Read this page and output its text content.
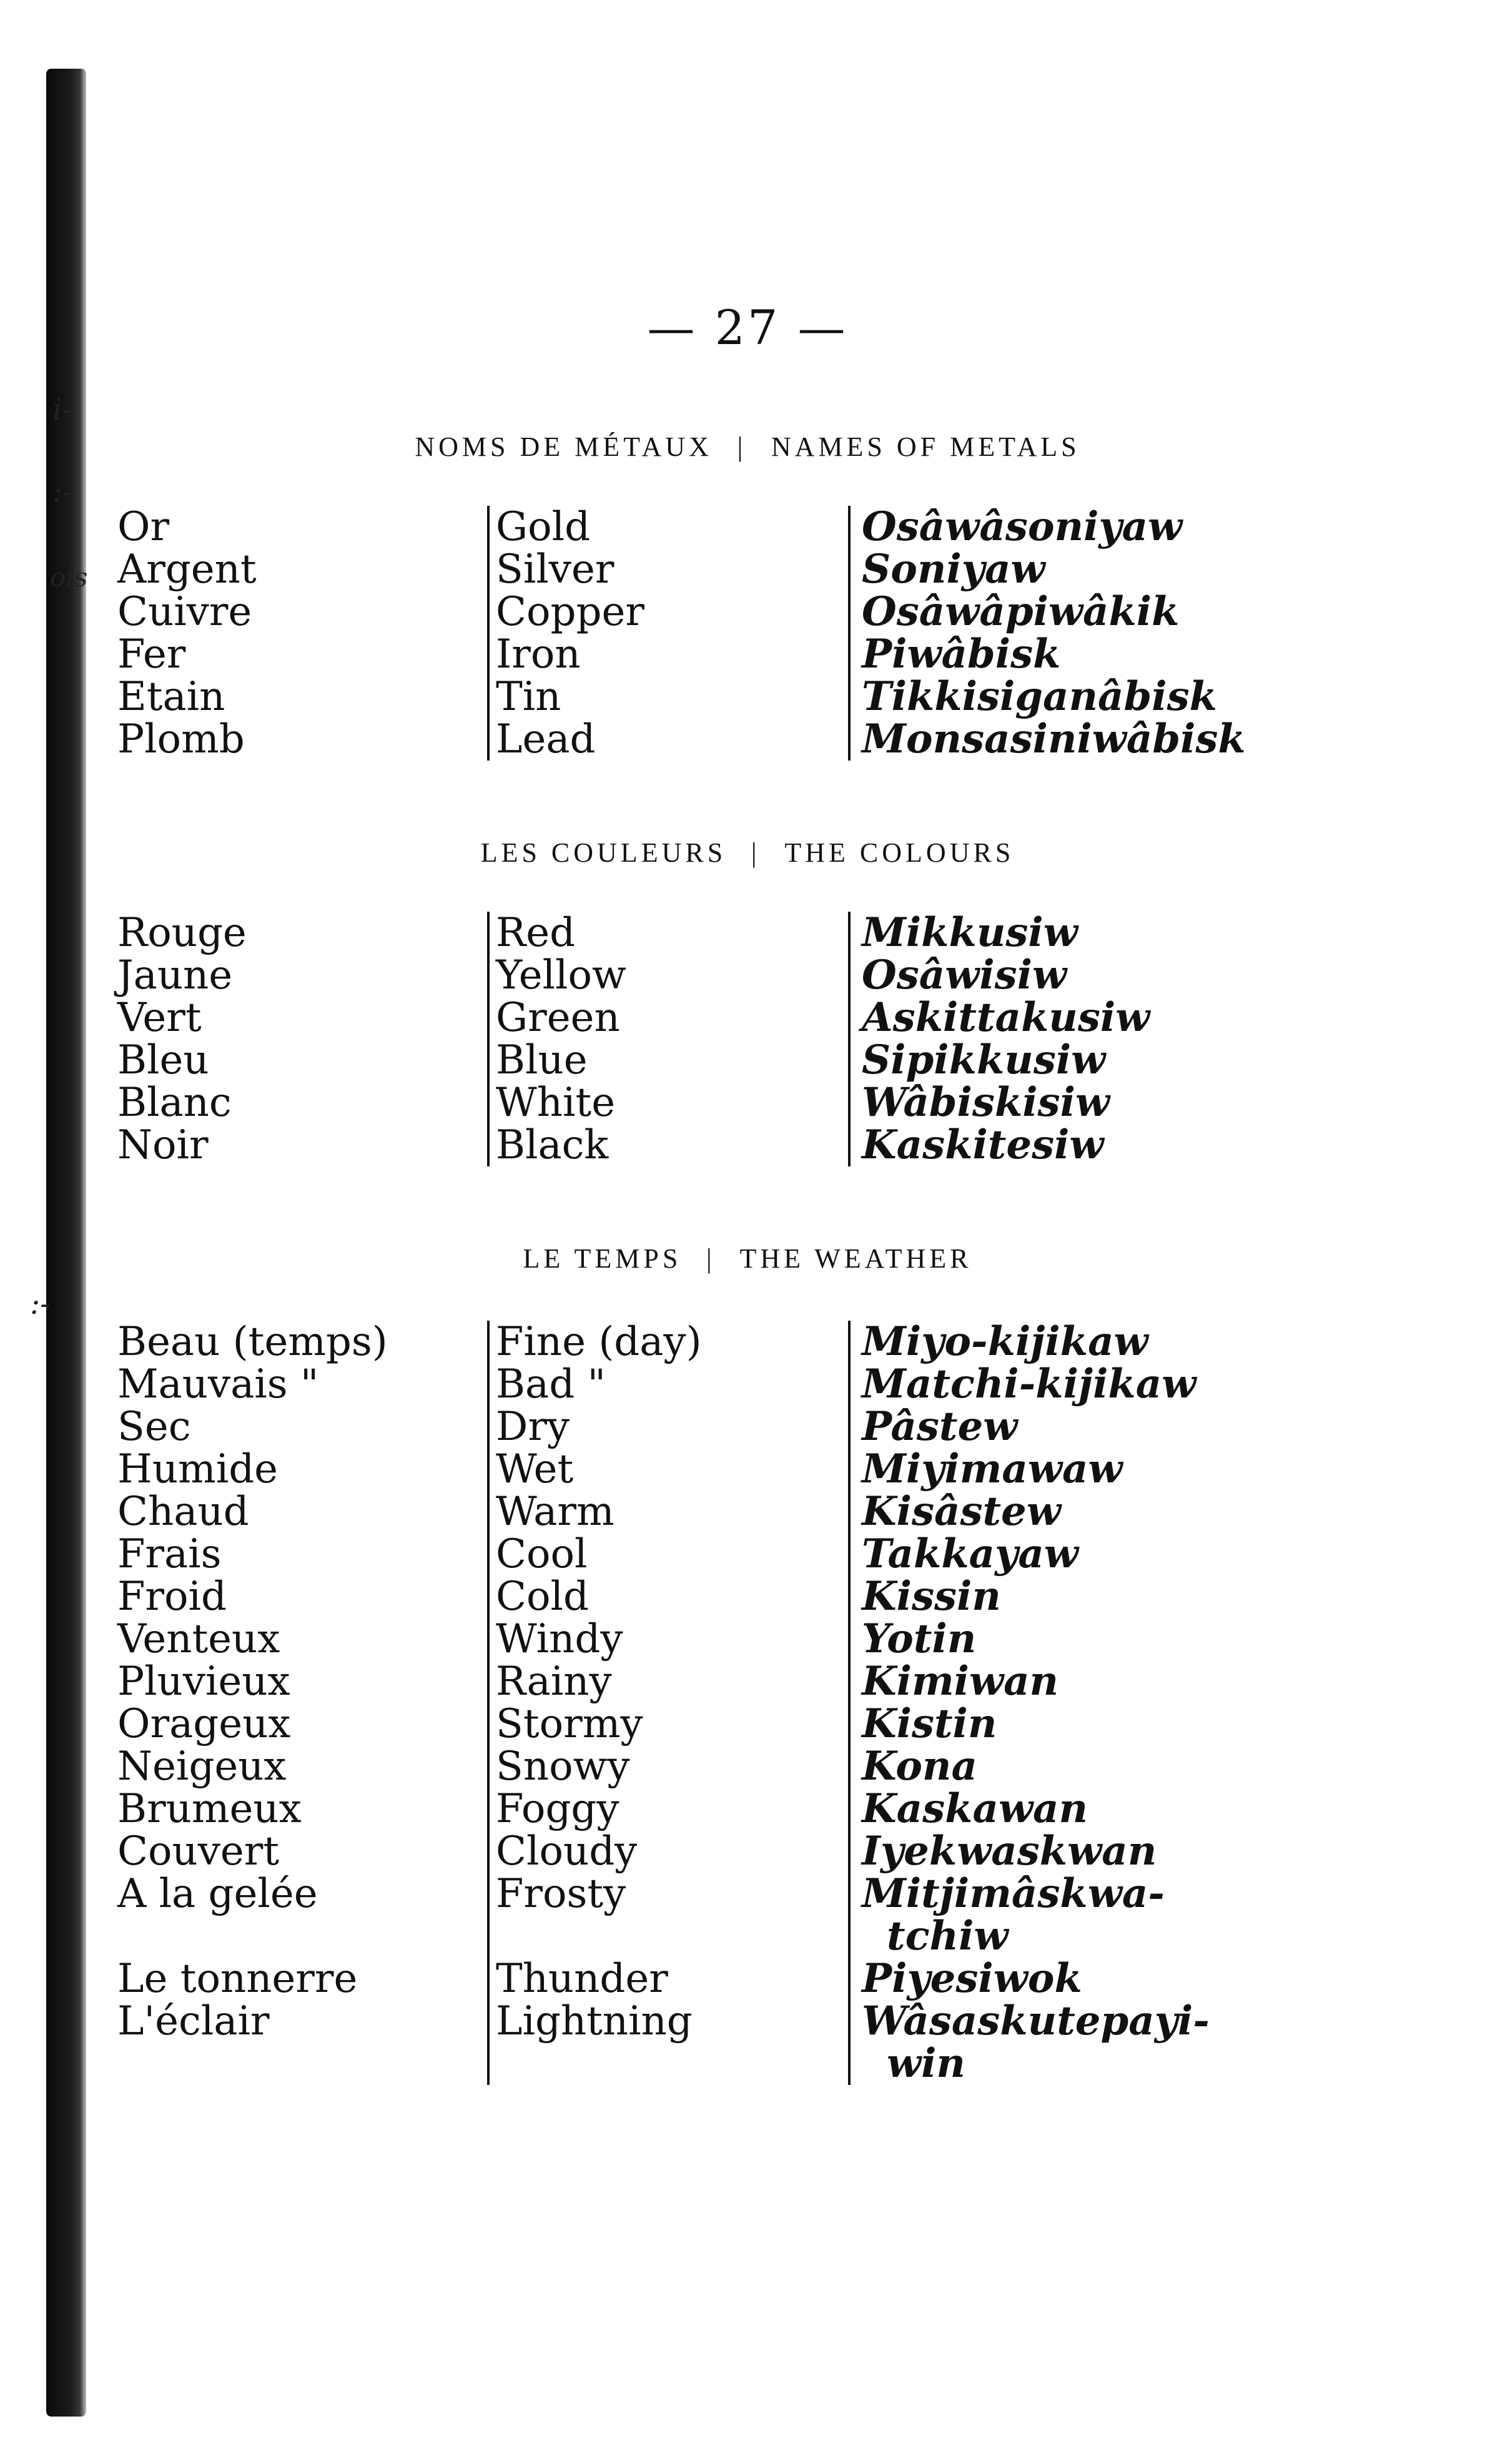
i-
:-
ois
:-
— 27 —
NOMS DE MÉTAUX | NAMES OF METALS
Or
Argent
Cuivre
Fer
Etain
Plomb
Gold
Silver
Copper
Iron
Tin
Lead
Osâwâsoniyaw
Soniyaw
Osâwâpiwâkik
Piwâbisk
Tikkisiganâbisk
Monsasiniwâbisk
LES COULEURS | THE COLOURS
Rouge
Jaune
Vert
Bleu
Blanc
Noir
Red
Yellow
Green
Blue
White
Black
Mikkusiw
Osâwisiw
Askittakusiw
Sipikkusiw
Wâbiskisiw
Kaskitesiw
LE TEMPS | THE WEATHER
Beau (temps)
Mauvais "
Sec
Humide
Chaud
Frais
Froid
Venteux
Pluvieux
Orageux
Neigeux
Brumeux
Couvert
A la gelée
Le tonnerre
L'éclair
Fine (day)
Bad "
Dry
Wet
Warm
Cool
Cold
Windy
Rainy
Stormy
Snowy
Foggy
Cloudy
Frosty
Thunder
Lightning
Miyo-kijikaw
Matchi-kijikaw
Pâstew
Miyimawaw
Kisâstew
Takkayaw
Kissin
Yotin
Kimiwan
Kistin
Kona
Kaskawan
Iyekwaskwan
Mitjimâskwa-
tchiw
Piyesiwok
Wâsaskutepayi-
win
